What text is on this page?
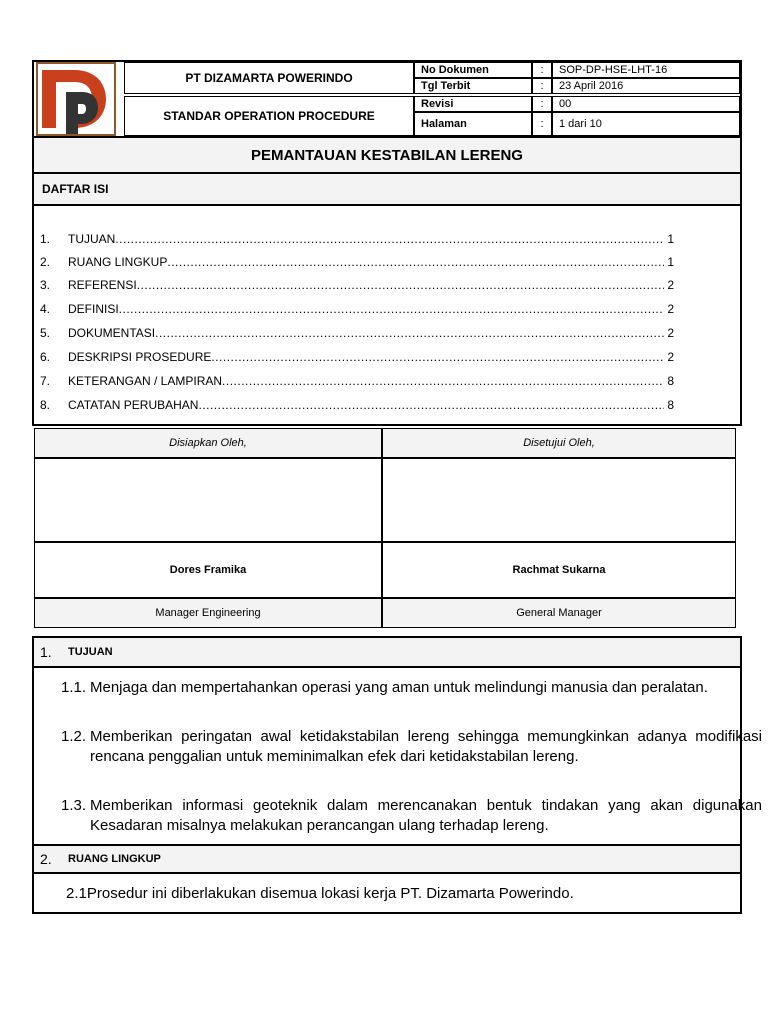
PT DIZAMARTA POWERINDO
STANDAR OPERATION PROCEDURE
No Dokumen	:	SOP-DP-HSE-LHT-16
Tgl Terbit	:	23 April 2016
Revisi	:	00
Halaman	:	1 dari 10
PEMANTAUAN KESTABILAN LERENG
DAFTAR ISI
1.	TUJUAN .....	1
2.	RUANG LINGKUP .....	1
3.	REFERENSI .....	2
4.	DEFINISI .....	2
5.	DOKUMENTASI .....	2
6.	DESKRIPSI PROSEDURE .....	2
7.	KETERANGAN / LAMPIRAN .....	8
8.	CATATAN PERUBAHAN .....	8
Disiapkan Oleh,	Disetujui Oleh,
Dores Framika	Rachmat Sukarna
Manager Engineering	General Manager
1.	TUJUAN
1.1. Menjaga dan mempertahankan operasi yang aman untuk melindungi manusia dan peralatan.
1.2. Memberikan peringatan awal ketidakstabilan lereng sehingga memungkinkan adanya modifikasi rencana penggalian untuk meminimalkan efek dari ketidakstabilan lereng.
1.3. Memberikan informasi geoteknik dalam merencanakan bentuk tindakan yang akan digunakan Kesadaran misalnya melakukan perancangan ulang terhadap lereng.
2.	RUANG LINGKUP
2.1Prosedur ini diberlakukan disemua lokasi kerja PT. Dizamarta Powerindo.
